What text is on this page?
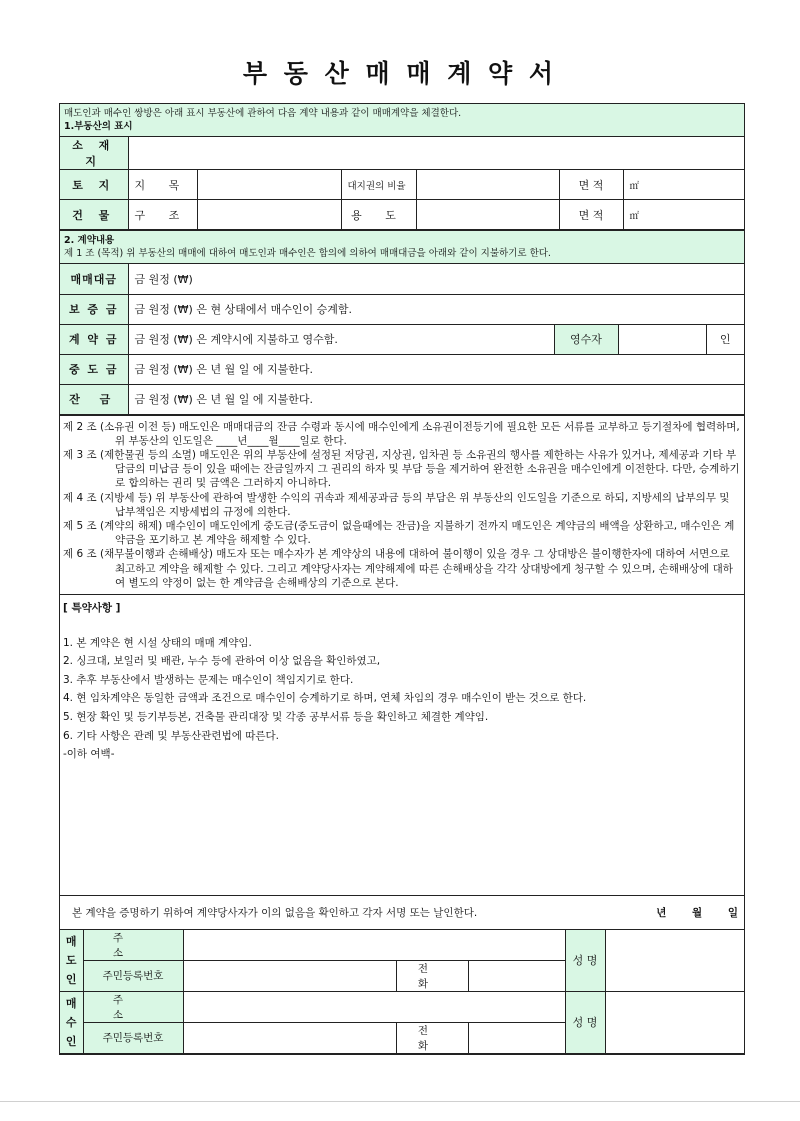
부 동 산 매 매 계 약 서
매도인과 매수인 쌍방은 아래 표시 부동산에 관하여 다음 계약 내용과 같이 매매계약을 체결한다.
1.부동산의 표시
소 재 지						
토 지	지 목		대지권의 비율		면 적	㎡
건 물	구 조		용 도		면 적	㎡
2. 계약내용
제 1 조 (목적) 위 부동산의 매매에 대하여 매도인과 매수인은 합의에 의하여 매매대금을 아래와 같이 지불하기로 한다.
매매대금	금 원정 (₩)			
보 증 금	금 원정 (₩) 은 현 상태에서 매수인이 승계함.			
계 약 금	금 원정 (₩) 은 계약시에 지불하고 영수함.	영수자		인
중 도 금	금 원정 (₩) 은 년 월 일 에 지불한다.			
잔 금	금 원정 (₩) 은 년 월 일 에 지불한다.			
제 2 조 (소유권 이전 등) 매도인은 매매대금의 잔금 수령과 동시에 매수인에게 소유권이전등기에 필요한 모든 서류를 교부하고 등기절차에 협력하며, 위 부동산의 인도일은 ____년____월____일로 한다.
제 3 조 (제한물권 등의 소멸) 매도인은 위의 부동산에 설정된 저당권, 지상권, 임차권 등 소유권의 행사를 제한하는 사유가 있거나, 제세공과 기타 부담금의 미납금 등이 있을 때에는 잔금일까지 그 권리의 하자 및 부담 등을 제거하여 완전한 소유권을 매수인에게 이전한다. 다만, 승계하기로 합의하는 권리 및 금액은 그러하지 아니하다.
제 4 조 (지방세 등) 위 부동산에 관하여 발생한 수익의 귀속과 제세공과금 등의 부담은 위 부동산의 인도일을 기준으로 하되, 지방세의 납부의무 및 납부책임은 지방세법의 규정에 의한다.
제 5 조 (계약의 해제) 매수인이 매도인에게 중도금(중도금이 없을때에는 잔금)을 지불하기 전까지 매도인은 계약금의 배액을 상환하고, 매수인은 계약금을 포기하고 본 계약을 해제할 수 있다.
제 6 조 (채무불이행과 손해배상) 매도자 또는 매수자가 본 계약상의 내용에 대하여 불이행이 있을 경우 그 상대방은 불이행한자에 대하여 서면으로 최고하고 계약을 해제할 수 있다. 그리고 계약당사자는 계약해제에 따른 손해배상을 각각 상대방에게 청구할 수 있으며, 손해배상에 대하여 별도의 약정이 없는 한 계약금을 손해배상의 기준으로 본다.
[ 특약사항 ]
1. 본 계약은 현 시설 상태의 매매 계약임.
2. 싱크대, 보일러 및 배관, 누수 등에 관하여 이상 없음을 확인하였고,
3. 추후 부동산에서 발생하는 문제는 매수인이 책임지기로 한다.
4. 현 임차계약은 동일한 금액과 조건으로 매수인이 승계하기로 하며, 연체 차임의 경우 매수인이 받는 것으로 한다.
5. 현장 확인 및 등기부등본, 건축물 관리대장 및 각종 공부서류 등을 확인하고 체결한 계약임.
6. 기타 사항은 관례 및 부동산관련법에 따른다.
-이하 여백-
본 계약을 증명하기 위하여 계약당사자가 이의 없음을 확인하고 각자 서명 또는 날인한다.	년 월 일
매
도
인	주 소				성 명	
	주민등록번호		전 화			
매
수
인	주 소				성 명	
	주민등록번호		전 화			
